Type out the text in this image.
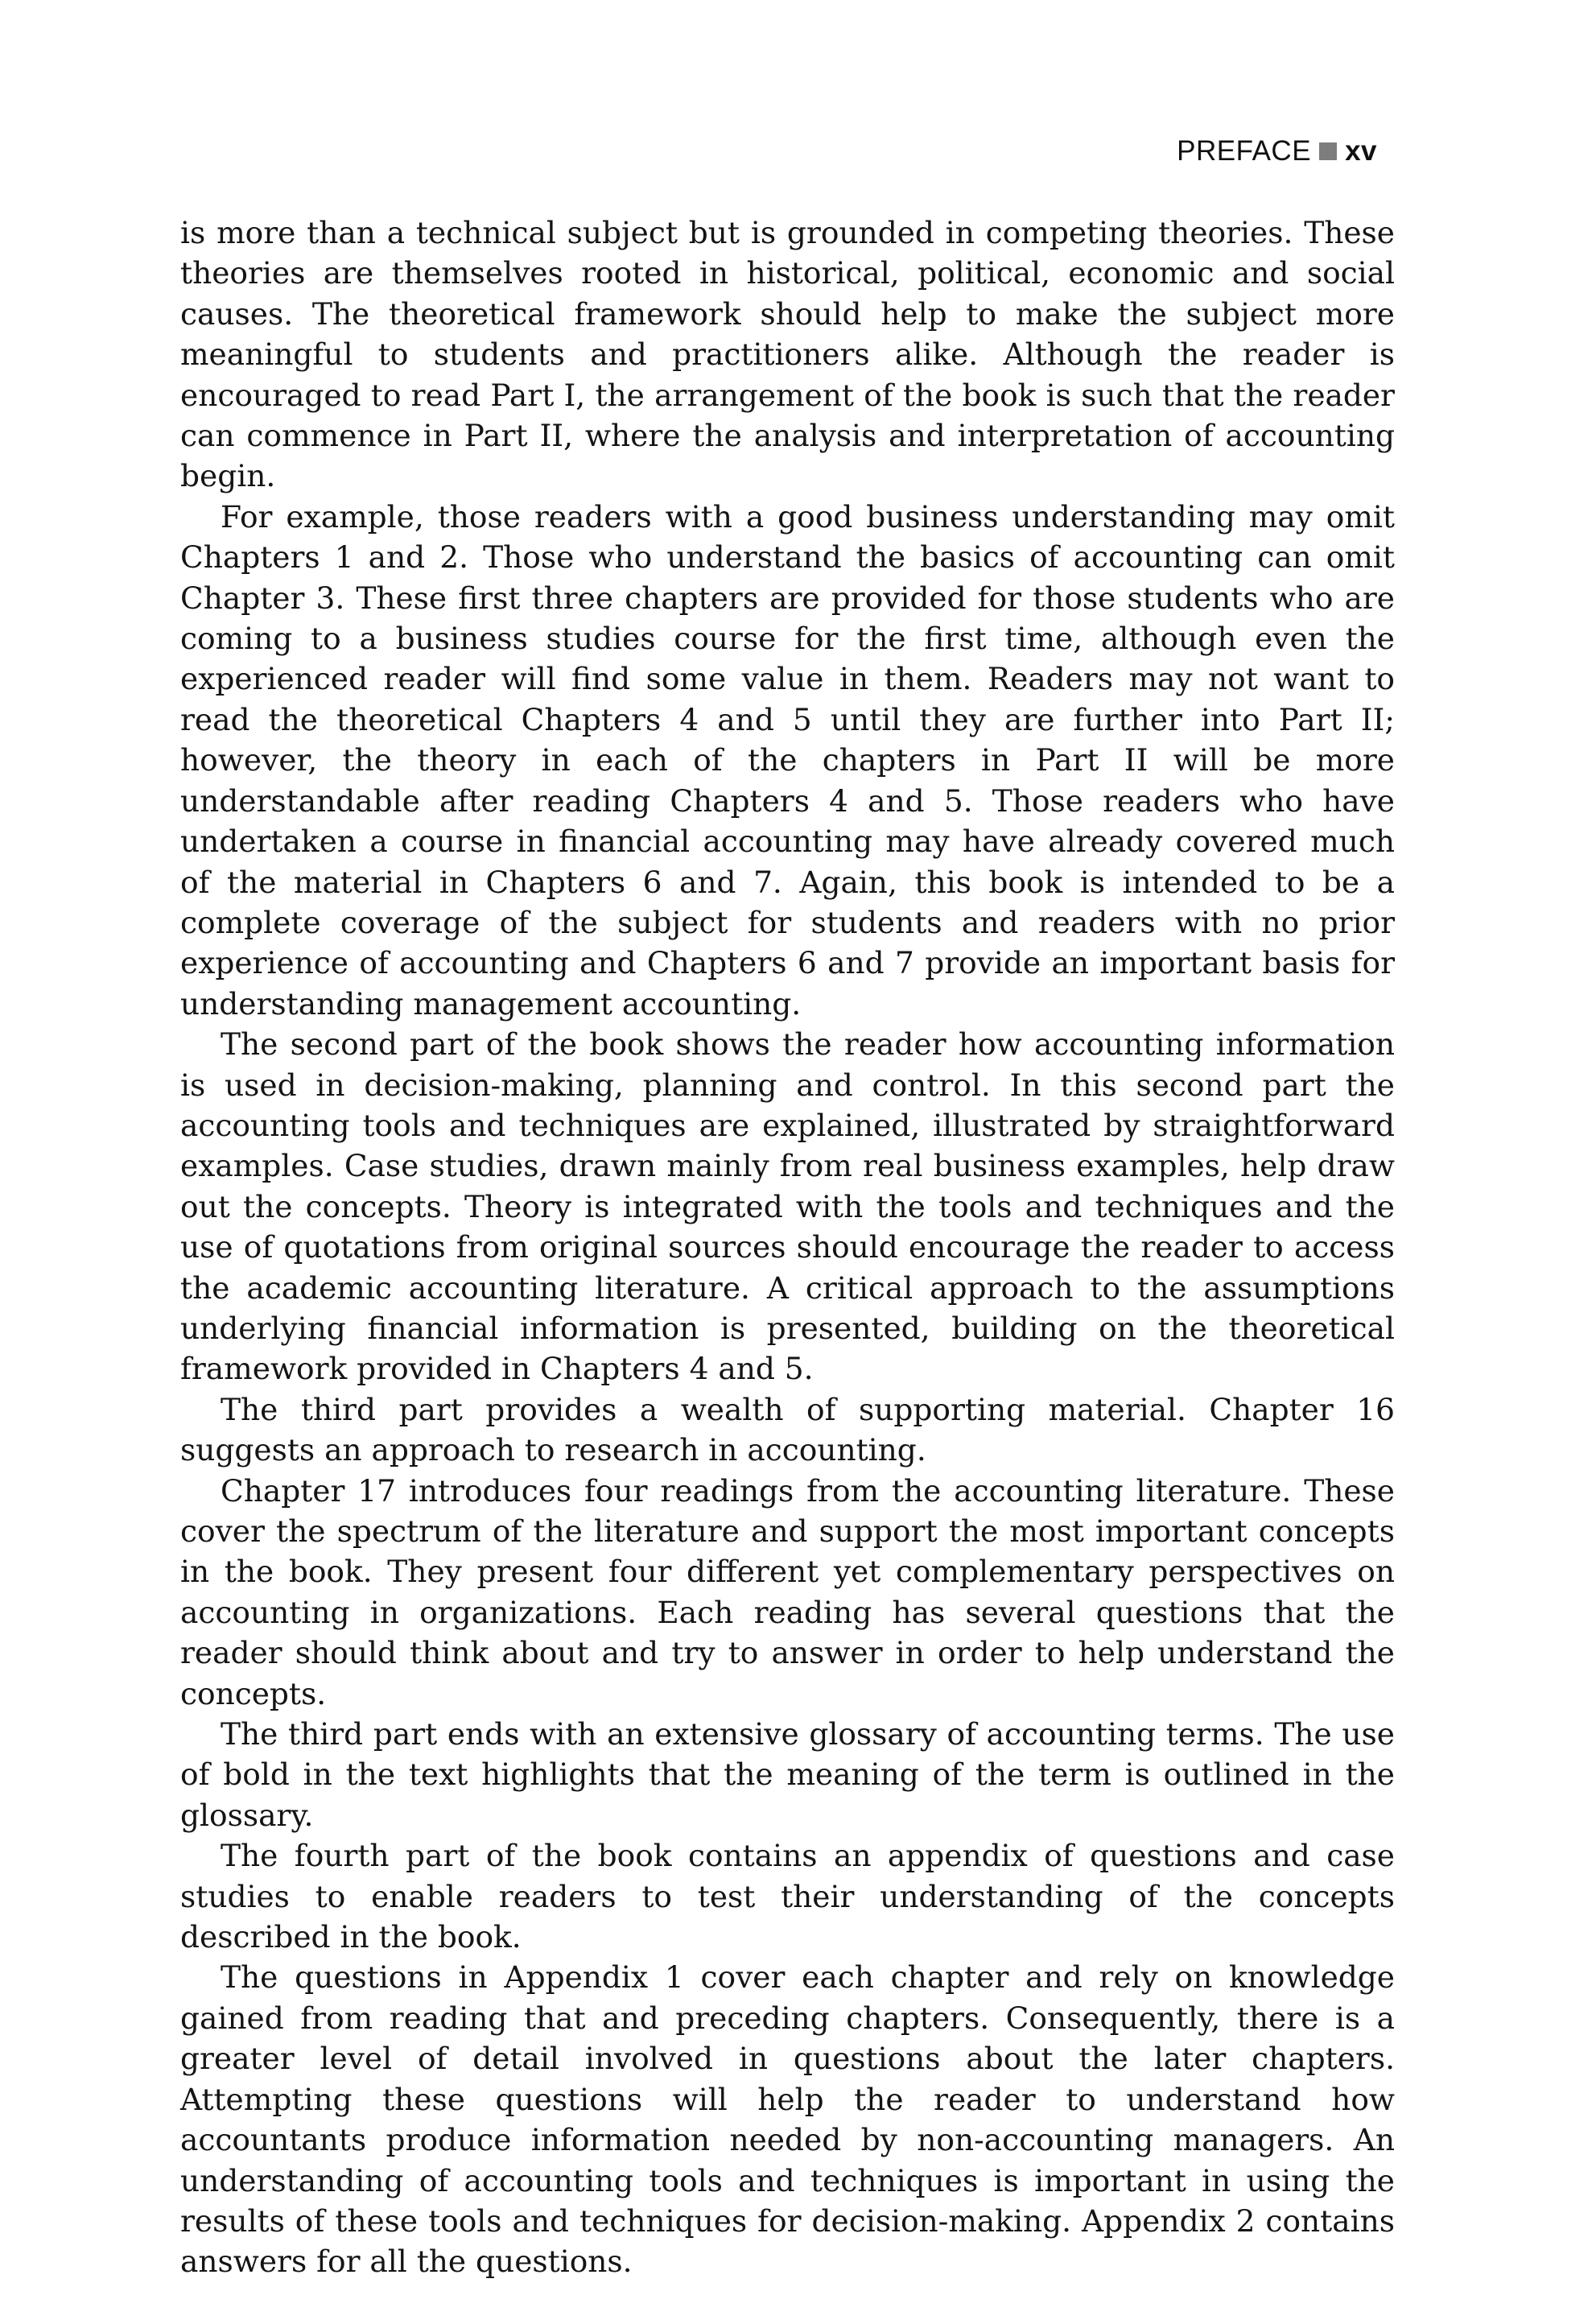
PREFACE xv

is more than a technical subject but is grounded in competing theories. These theories are themselves rooted in historical, political, economic and social causes. The theoretical framework should help to make the subject more meaningful to students and practitioners alike. Although the reader is encouraged to read Part I, the arrangement of the book is such that the reader can commence in Part II, where the analysis and interpretation of accounting begin.

For example, those readers with a good business understanding may omit Chapters 1 and 2. Those who understand the basics of accounting can omit Chapter 3. These first three chapters are provided for those students who are coming to a business studies course for the first time, although even the experienced reader will find some value in them. Readers may not want to read the theoretical Chapters 4 and 5 until they are further into Part II; however, the theory in each of the chapters in Part II will be more understandable after reading Chapters 4 and 5. Those readers who have undertaken a course in financial accounting may have already covered much of the material in Chapters 6 and 7. Again, this book is intended to be a complete coverage of the subject for students and readers with no prior experience of accounting and Chapters 6 and 7 provide an important basis for understanding management accounting.

The second part of the book shows the reader how accounting information is used in decision-making, planning and control. In this second part the accounting tools and techniques are explained, illustrated by straightforward examples. Case studies, drawn mainly from real business examples, help draw out the concepts. Theory is integrated with the tools and techniques and the use of quotations from original sources should encourage the reader to access the academic accounting literature. A critical approach to the assumptions underlying financial information is presented, building on the theoretical framework provided in Chapters 4 and 5.

The third part provides a wealth of supporting material. Chapter 16 suggests an approach to research in accounting.

Chapter 17 introduces four readings from the accounting literature. These cover the spectrum of the literature and support the most important concepts in the book. They present four different yet complementary perspectives on accounting in organizations. Each reading has several questions that the reader should think about and try to answer in order to help understand the concepts.

The third part ends with an extensive glossary of accounting terms. The use of bold in the text highlights that the meaning of the term is outlined in the glossary.

The fourth part of the book contains an appendix of questions and case studies to enable readers to test their understanding of the concepts described in the book.

The questions in Appendix 1 cover each chapter and rely on knowledge gained from reading that and preceding chapters. Consequently, there is a greater level of detail involved in questions about the later chapters. Attempting these questions will help the reader to understand how accountants produce information needed by non-accounting managers. An understanding of accounting tools and techniques is important in using the results of these tools and techniques for decision-making. Appendix 2 contains answers for all the questions.
